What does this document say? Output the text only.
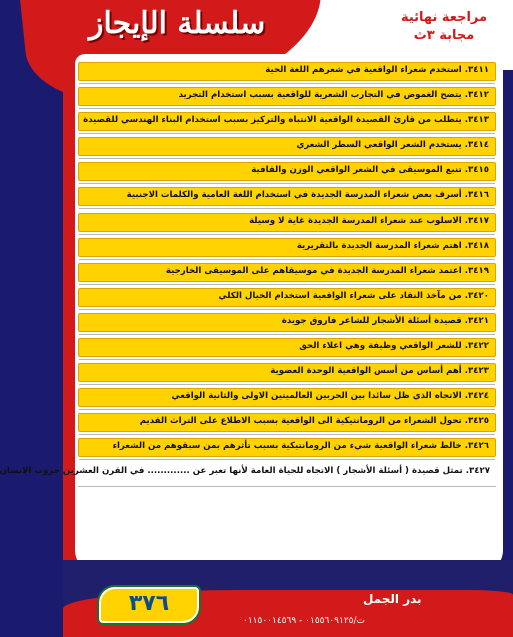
سلسلة الإيجاز	مراجعة نهائية
مجابة ٣ث
٣٤١١. استخدم شعراء الواقعية في شعرهم اللغة الحية
٣٤١٢. يتضح الغموض في التجارب الشعرية للواقعية بسبب استخدام التجريد
٣٤١٣. يتطلب من قارئ القصيدة الواقعية الانتباه والتركيز بسبب استخدام البناء الهندسي للقصيدة
٣٤١٤. يستخدم الشعر الواقعي السطر الشعري
٣٤١٥. تنبع الموسيقى في الشعر الواقعي الوزن والقافية
٣٤١٦. أسرف بعض شعراء المدرسة الجديدة في استخدام اللغة العامية والكلمات الاجنبية
٣٤١٧. الاسلوب عند شعراء المدرسة الجديدة غاية لا وسيلة
٣٤١٨. اهتم شعراء المدرسة الجديدة بالتقريرية
٣٤١٩. اعتمد شعراء المدرسة الجديدة في موسيقاهم على الموسيقى الخارجية
٣٤٢٠. من مآخذ النقاد على شعراء الواقعية استخدام الخيال الكلي
٣٤٢١. قصيدة أسئلة الأشجار للشاعر فاروق جويدة
٣٤٢٢. للشعر الواقعي وظيفة وهي اعلاء الحق
٣٤٢٣. أهم أساس من أسس الواقعية الوحدة العضوية
٣٤٢٤. الاتجاه الذي ظل سائدا بين الحربين العالميتين الاولى والثانية الواقعي
٣٤٢٥. تحول الشعراء من الرومانتيكية الى الواقعية بسبب الاطلاع على التراث القديم
٣٤٢٦. خالط شعراء الواقعية شيء من الرومانتيكية بسبب تأثرهم بمن سبقوهم من الشعراء
٣٤٢٧. تمثل قصيدة ( أسئلة الأشجار ) الاتجاه للحياة العامة لأنها تعبر عن ............. في القرن العشرين حروب الانسان
٣٧٦	بدر الجمل
ت/٠١٥٥٦٠٩١٢٥ - ٠١١٥٠٠١٤٥٦٩
